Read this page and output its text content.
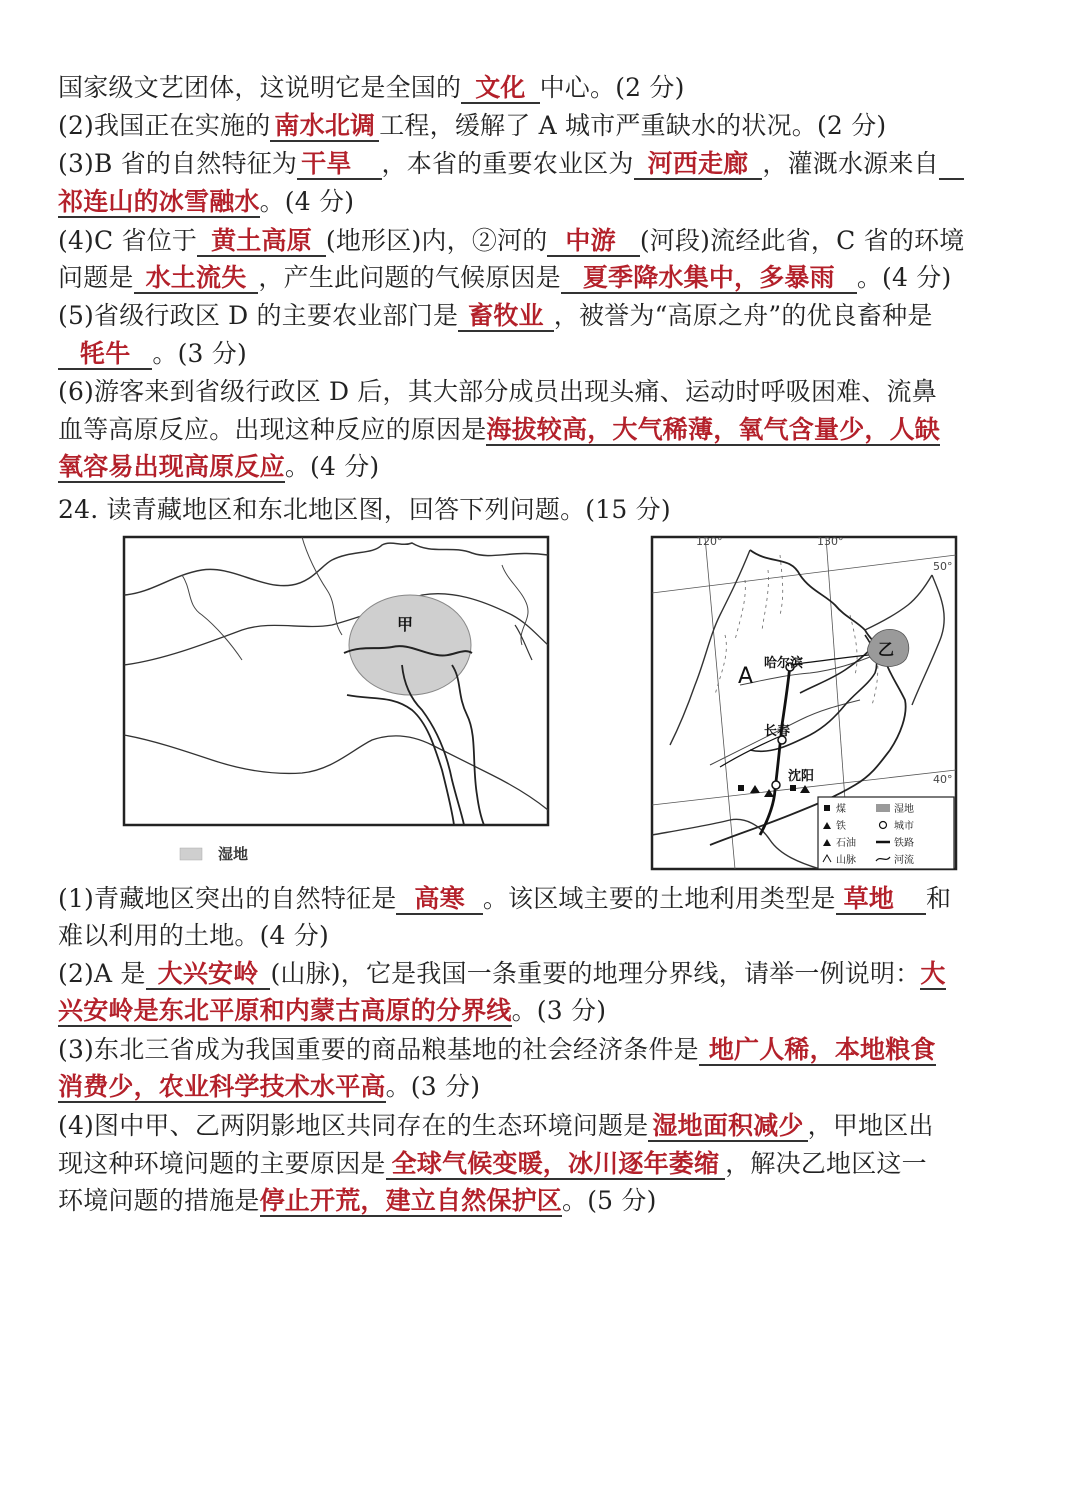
国家级文艺团体，这说明它是全国的 文化 中心。(2 分)
(2)我国正在实施的 南水北调 工程，缓解了 A 城市严重缺水的状况。(2 分)
(3)B 省的自然特征为 干旱 ，本省的重要农业区为 河西走廊 ，灌溉水源来自
祁连山的冰雪融水。(4 分)
(4)C 省位于 黄土高原 (地形区)内，②河的 中游 (河段)流经此省，C 省的环境
问题是 水土流失 ，产生此问题的气候原因是 夏季降水集中，多暴雨 。(4 分)
(5)省级行政区 D 的主要农业部门是 畜牧业 ，被誉为“高原之舟”的优良畜种是
牦牛 。(3 分)
(6)游客来到省级行政区 D 后，其大部分成员出现头痛、运动时呼吸困难、流鼻
血等高原反应。出现这种反应的原因是海拔较高，大气稀薄，氧气含量少，人缺
氧容易出现高原反应。(4 分)
24. 读青藏地区和东北地区图，回答下列问题。(15 分)
甲
湿地
120°	130°
50°
40°
乙
A
哈尔滨
长春
沈阳
煤	湿地
铁	城市
石油	铁路
山脉	河流
(1)青藏地区突出的自然特征是 高寒 。该区域主要的土地利用类型是 草地 和
难以利用的土地。(4 分)
(2)A 是 大兴安岭 (山脉)，它是我国一条重要的地理分界线，请举一例说明：大
兴安岭是东北平原和内蒙古高原的分界线。(3 分)
(3)东北三省成为我国重要的商品粮基地的社会经济条件是 地广人稀，本地粮食
消费少，农业科学技术水平高。(3 分)
(4)图中甲、乙两阴影地区共同存在的生态环境问题是 湿地面积减少 ，甲地区出
现这种环境问题的主要原因是 全球气候变暖，冰川逐年萎缩 ，解决乙地区这一
环境问题的措施是停止开荒，建立自然保护区。(5 分)
